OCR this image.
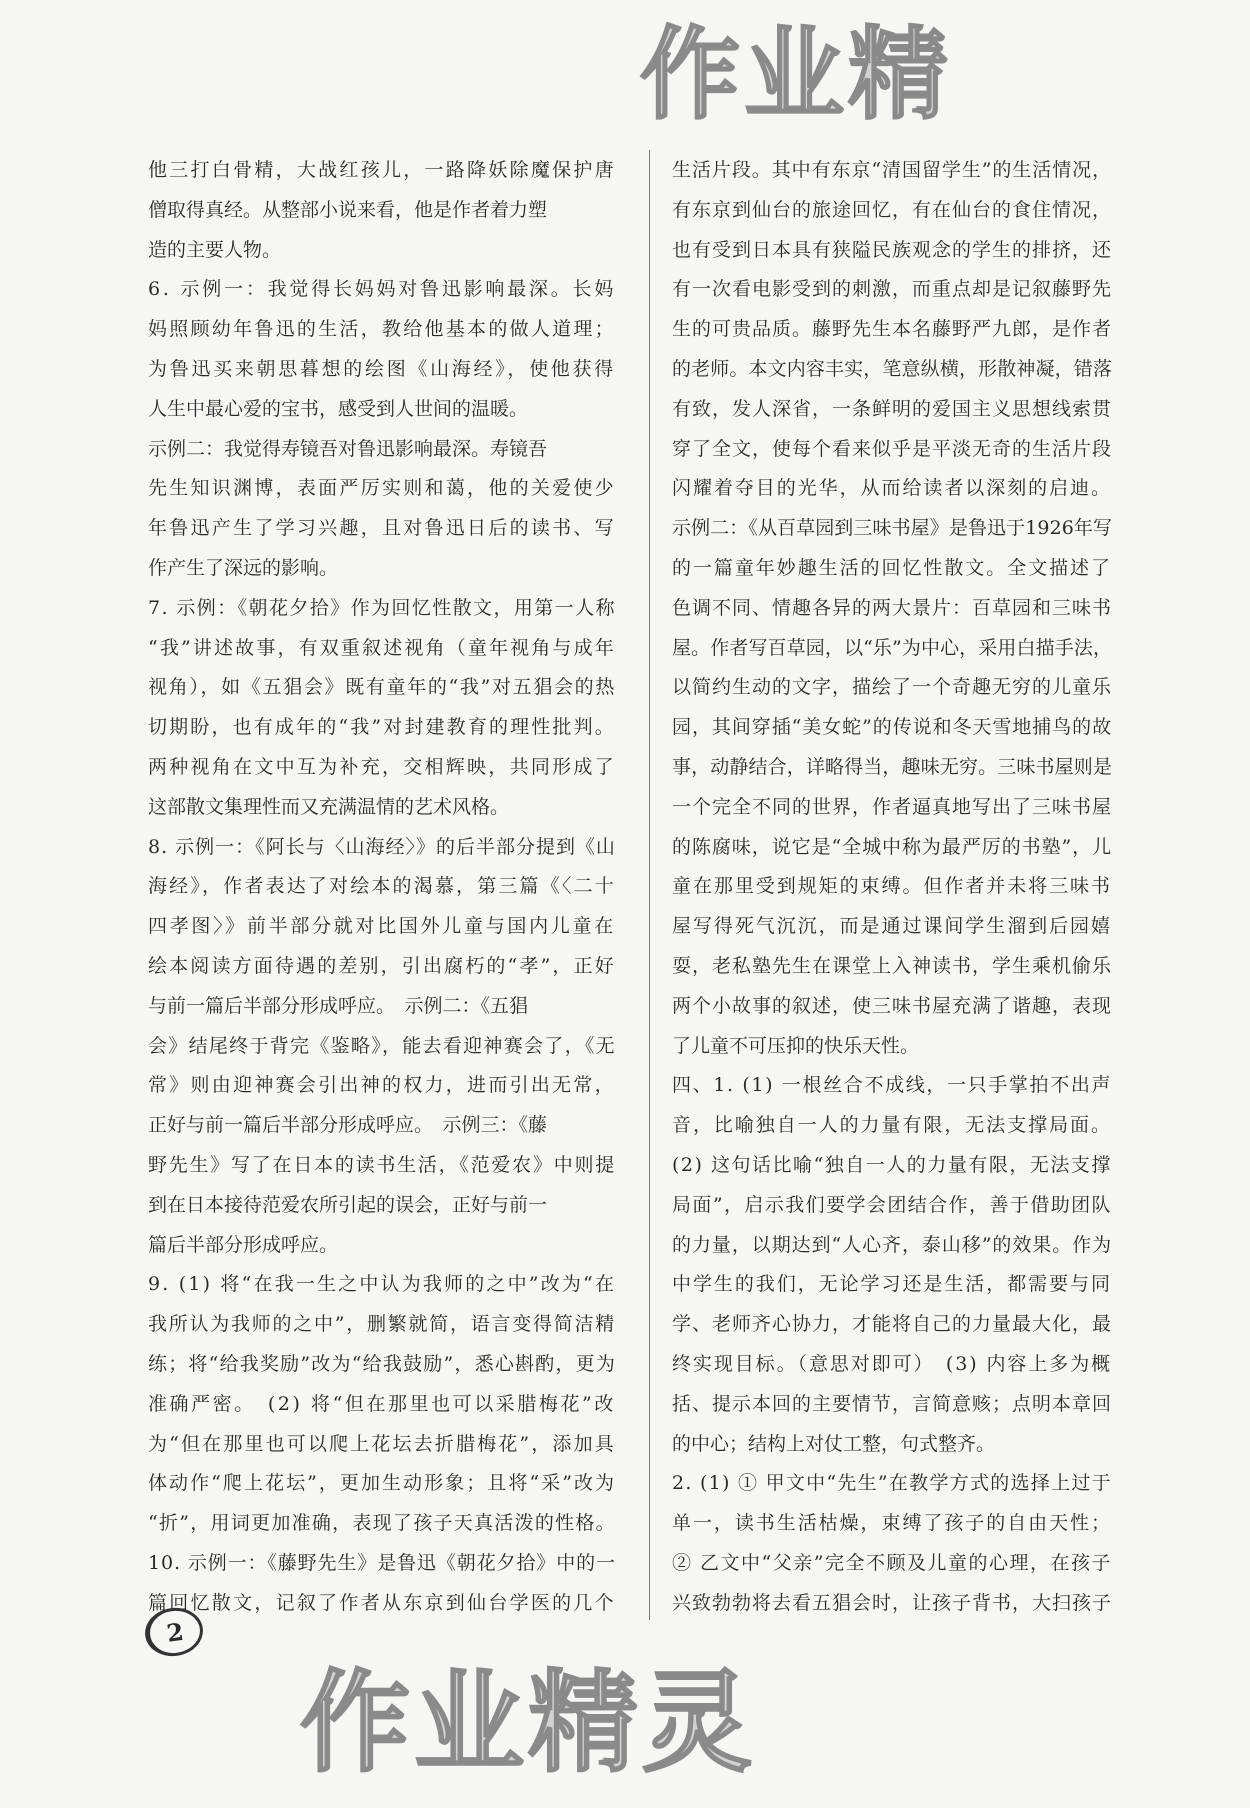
他三打白骨精，大战红孩儿，一路降妖除魔保护唐
僧取得真经。从整部小说来看，他是作者着力塑
造的主要人物。
6. 示例一：我觉得长妈妈对鲁迅影响最深。长妈
妈照顾幼年鲁迅的生活，教给他基本的做人道理；
为鲁迅买来朝思暮想的绘图《山海经》，使他获得
人生中最心爱的宝书，感受到人世间的温暖。
示例二：我觉得寿镜吾对鲁迅影响最深。寿镜吾
先生知识渊博，表面严厉实则和蔼，他的关爱使少
年鲁迅产生了学习兴趣，且对鲁迅日后的读书、写
作产生了深远的影响。
7. 示例：《朝花夕拾》作为回忆性散文，用第一人称
“我”讲述故事，有双重叙述视角（童年视角与成年
视角），如《五猖会》既有童年的“我”对五猖会的热
切期盼，也有成年的“我”对封建教育的理性批判。
两种视角在文中互为补充，交相辉映，共同形成了
这部散文集理性而又充满温情的艺术风格。
8. 示例一：《阿长与〈山海经〉》的后半部分提到《山
海经》，作者表达了对绘本的渴慕，第三篇《〈二十
四孝图〉》前半部分就对比国外儿童与国内儿童在
绘本阅读方面待遇的差别，引出腐朽的“孝”，正好
与前一篇后半部分形成呼应。　示例二：《五猖
会》结尾终于背完《鉴略》，能去看迎神赛会了，《无
常》则由迎神赛会引出神的权力，进而引出无常，
正好与前一篇后半部分形成呼应。　示例三：《藤
野先生》写了在日本的读书生活，《范爱农》中则提
到在日本接待范爱农所引起的误会，正好与前一
篇后半部分形成呼应。
9. (1) 将“在我一生之中认为我师的之中”改为“在
我所认为我师的之中”，删繁就简，语言变得简洁精
练；将“给我奖励”改为“给我鼓励”，悉心斟酌，更为
准确严密。　(2) 将“但在那里也可以采腊梅花”改
为“但在那里也可以爬上花坛去折腊梅花”，添加具
体动作“爬上花坛”，更加生动形象；且将“采”改为
“折”，用词更加准确，表现了孩子天真活泼的性格。
10. 示例一：《藤野先生》是鲁迅《朝花夕拾》中的一
篇回忆散文，记叙了作者从东京到仙台学医的几个
生活片段。其中有东京“清国留学生”的生活情况，
有东京到仙台的旅途回忆，有在仙台的食住情况，
也有受到日本具有狭隘民族观念的学生的排挤，还
有一次看电影受到的刺激，而重点却是记叙藤野先
生的可贵品质。藤野先生本名藤野严九郎，是作者
的老师。本文内容丰实，笔意纵横，形散神凝，错落
有致，发人深省，一条鲜明的爱国主义思想线索贯
穿了全文，使每个看来似乎是平淡无奇的生活片段
闪耀着夺目的光华，从而给读者以深刻的启迪。
示例二：《从百草园到三味书屋》是鲁迅于1926年写
的一篇童年妙趣生活的回忆性散文。全文描述了
色调不同、情趣各异的两大景片：百草园和三味书
屋。作者写百草园，以“乐”为中心，采用白描手法，
以简约生动的文字，描绘了一个奇趣无穷的儿童乐
园，其间穿插“美女蛇”的传说和冬天雪地捕鸟的故
事，动静结合，详略得当，趣味无穷。三味书屋则是
一个完全不同的世界，作者逼真地写出了三味书屋
的陈腐味，说它是“全城中称为最严厉的书塾”，儿
童在那里受到规矩的束缚。但作者并未将三味书
屋写得死气沉沉，而是通过课间学生溜到后园嬉
耍，老私塾先生在课堂上入神读书，学生乘机偷乐
两个小故事的叙述，使三味书屋充满了谐趣，表现
了儿童不可压抑的快乐天性。
四、1. (1) 一根丝合不成线，一只手掌拍不出声
音，比喻独自一人的力量有限，无法支撑局面。
(2) 这句话比喻“独自一人的力量有限，无法支撑
局面”，启示我们要学会团结合作，善于借助团队
的力量，以期达到“人心齐，泰山移”的效果。作为
中学生的我们，无论学习还是生活，都需要与同
学、老师齐心协力，才能将自己的力量最大化，最
终实现目标。（意思对即可）　(3) 内容上多为概
括、提示本回的主要情节，言简意赅；点明本章回
的中心；结构上对仗工整，句式整齐。
2. (1) ① 甲文中“先生”在教学方式的选择上过于
单一，读书生活枯燥，束缚了孩子的自由天性；
② 乙文中“父亲”完全不顾及儿童的心理，在孩子
兴致勃勃将去看五猖会时，让孩子背书，大扫孩子
作业精
作业精灵
2
